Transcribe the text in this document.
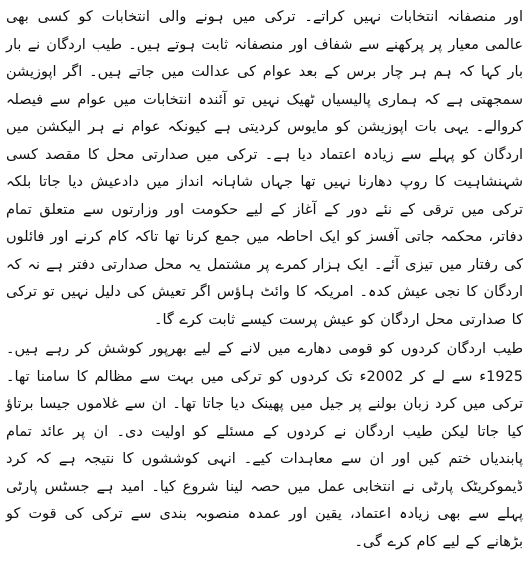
اور منصفانہ انتخابات نہیں کراتے۔ ترکی میں ہونے والی انتخابات کو کسی بھی عالمی معیار پر پرکھنے سے شفاف اور منصفانہ ثابت ہوتے ہیں۔ طیب اردگان نے بار بار کہا کہ ہم ہر چار برس کے بعد عوام کی عدالت میں جاتے ہیں۔ اگر اپوزیشن سمجھتی ہے کہ ہماری پالیسیاں ٹھیک نہیں تو آئندہ انتخابات میں عوام سے فیصلہ کروالے۔ یہی بات اپوزیشن کو مایوس کردیتی ہے کیونکہ عوام نے ہر الیکشن میں اردگان کو پہلے سے زیادہ اعتماد دیا ہے۔ ترکی میں صدارتی محل کا مقصد کسی شہنشاہیت کا روپ دھارنا نہیں تھا جہاں شاہانہ انداز میں دادعیش دیا جاتا بلکہ ترکی میں ترقی کے نئے دور کے آغاز کے لیے حکومت اور وزارتوں سے متعلق تمام دفاتر، محکمہ جاتی آفسز کو ایک احاطہ میں جمع کرنا تھا تاکہ کام کرنے اور فائلوں کی رفتار میں تیزی آئے۔ ایک ہزار کمرے پر مشتمل یہ محل صدارتی دفتر ہے نہ کہ اردگان کا نجی عیش کدہ۔ امریکہ کا وائٹ ہاؤس اگر تعیش کی دلیل نہیں تو ترکی کا صدارتی محل اردگان کو عیش پرست کیسے ثابت کرے گا۔

طیب اردگان کردوں کو قومی دھارے میں لانے کے لیے بھرپور کوشش کر رہے ہیں۔ 1925ء سے لے کر 2002ء تک کردوں کو ترکی میں بہت سے مظالم کا سامنا تھا۔ ترکی میں کرد زبان بولنے پر جیل میں پھینک دیا جاتا تھا۔ ان سے غلاموں جیسا برتاؤ کیا جاتا لیکن طیب اردگان نے کردوں کے مسئلے کو اولیت دی۔ ان پر عائد تمام پابندیاں ختم کیں اور ان سے معاہدات کیے۔ انہی کوششوں کا نتیجہ ہے کہ کرد ڈیموکریٹک پارٹی نے انتخابی عمل میں حصہ لینا شروع کیا۔ امید ہے جسٹس پارٹی پہلے سے بھی زیادہ اعتماد، یقین اور عمدہ منصوبہ بندی سے ترکی کی قوت کو بڑھانے کے لیے کام کرے گی۔
